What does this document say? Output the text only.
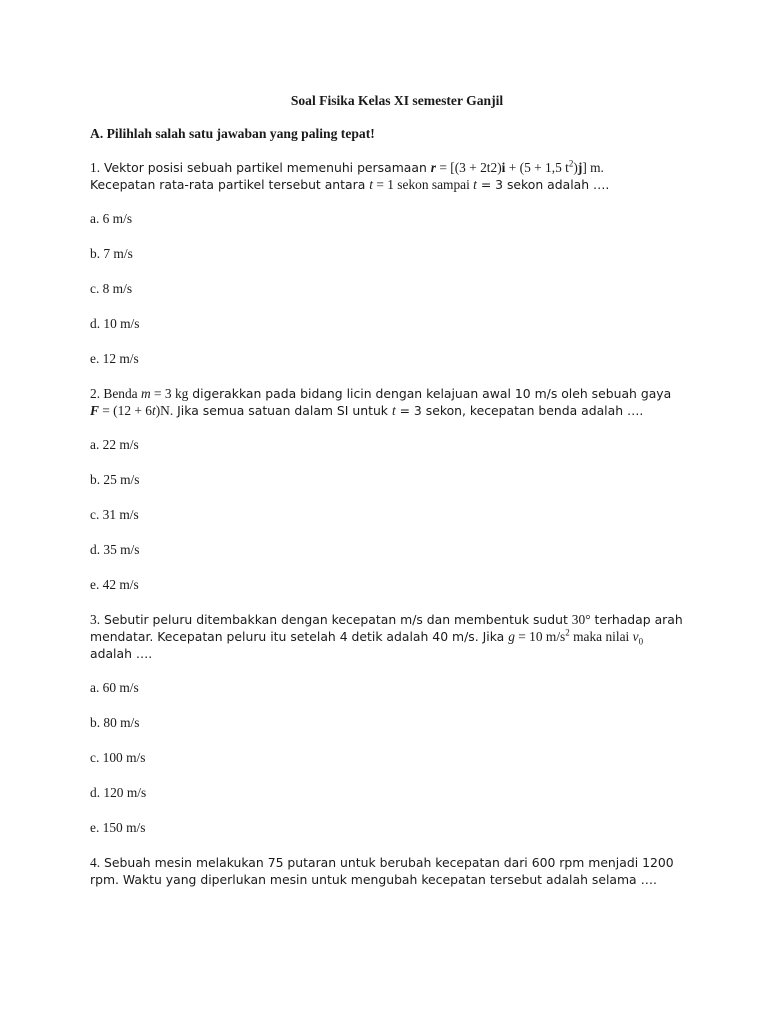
Soal Fisika Kelas XI semester Ganjil
A. Pilihlah salah satu jawaban yang paling tepat!
1. Vektor posisi sebuah partikel memenuhi persamaan r = [(3 + 2t2)i + (5 + 1,5 $t^2)j$] m.
Kecepatan rata-rata partikel tersebut antara t = 1 sekon sampai t = 3 sekon adalah ….
a. 6 m/s
b. 7 m/s
c. 8 m/s
d. 10 m/s
e. 12 m/s
2. Benda m = 3 kg digerakkan pada bidang licin dengan kelajuan awal 10 m/s oleh sebuah gaya
F = (12 + 6t)N. Jika semua satuan dalam SI untuk t = 3 sekon, kecepatan benda adalah ….
a. 22 m/s
b. 25 m/s
c. 31 m/s
d. 35 m/s
e. 42 m/s
3. Sebutir peluru ditembakkan dengan kecepatan m/s dan membentuk sudut 30° terhadap arah
mendatar. Kecepatan peluru itu setelah 4 detik adalah 40 m/s. Jika g = 10 $m/s^2$ maka nilai $v_0$
adalah ….
a. 60 m/s
b. 80 m/s
c. 100 m/s
d. 120 m/s
e. 150 m/s
4. Sebuah mesin melakukan 75 putaran untuk berubah kecepatan dari 600 rpm menjadi 1200
rpm. Waktu yang diperlukan mesin untuk mengubah kecepatan tersebut adalah selama ….
